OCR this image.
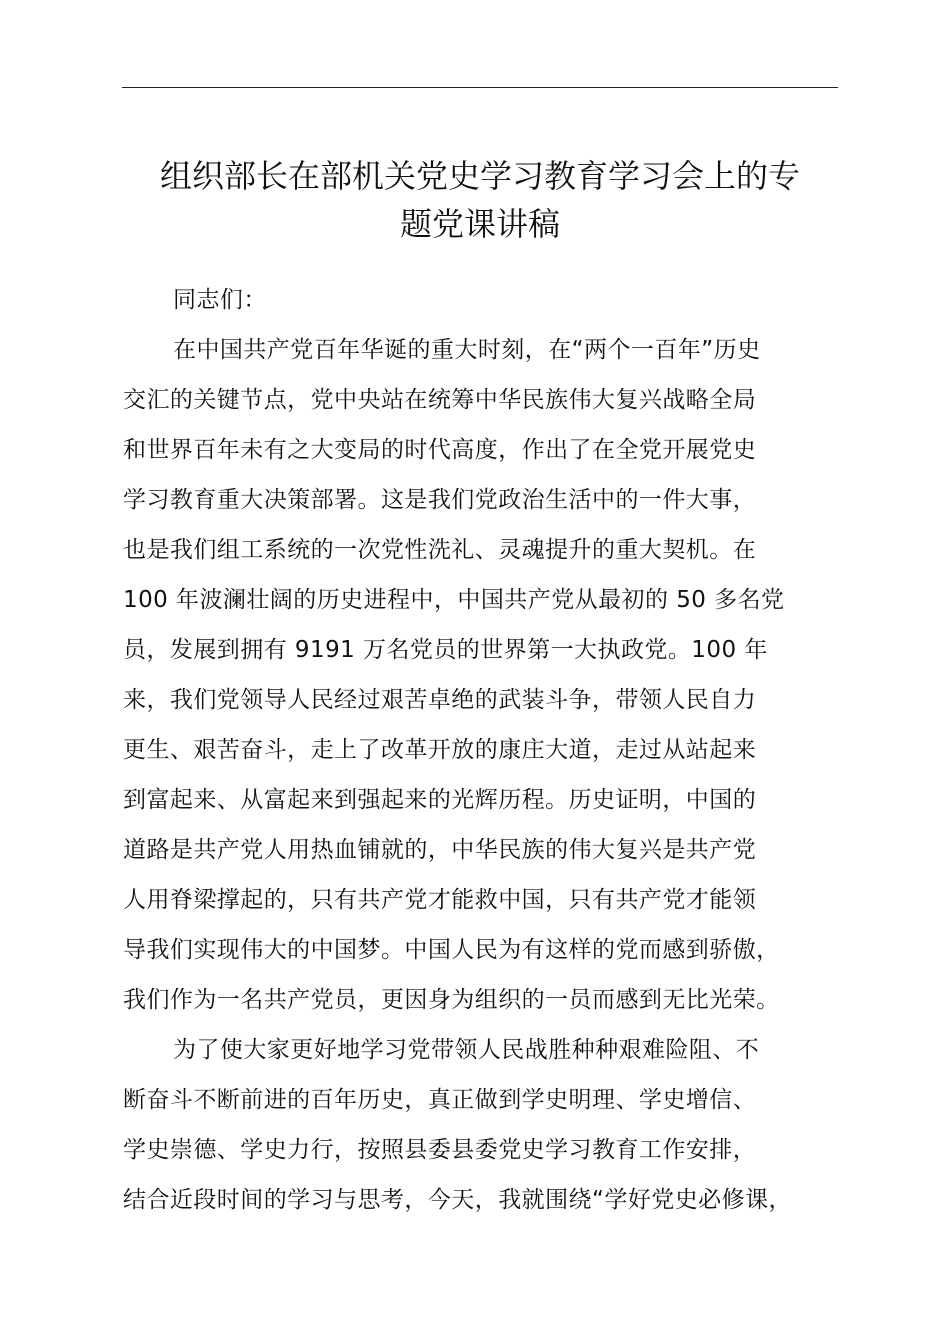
组织部长在部机关党史学习教育学习会上的专
题党课讲稿
同志们：
在中国共产党百年华诞的重大时刻，在“两个一百年”历史
交汇的关键节点，党中央站在统筹中华民族伟大复兴战略全局
和世界百年未有之大变局的时代高度，作出了在全党开展党史
学习教育重大决策部署。这是我们党政治生活中的一件大事，
也是我们组工系统的一次党性洗礼、灵魂提升的重大契机。在
100 年波澜壮阔的历史进程中，中国共产党从最初的 50 多名党
员，发展到拥有 9191 万名党员的世界第一大执政党。100 年
来，我们党领导人民经过艰苦卓绝的武装斗争，带领人民自力
更生、艰苦奋斗，走上了改革开放的康庄大道，走过从站起来
到富起来、从富起来到强起来的光辉历程。历史证明，中国的
道路是共产党人用热血铺就的，中华民族的伟大复兴是共产党
人用脊梁撑起的，只有共产党才能救中国，只有共产党才能领
导我们实现伟大的中国梦。中国人民为有这样的党而感到骄傲，
我们作为一名共产党员，更因身为组织的一员而感到无比光荣。
为了使大家更好地学习党带领人民战胜种种艰难险阻、不
断奋斗不断前进的百年历史，真正做到学史明理、学史增信、
学史崇德、学史力行，按照县委县委党史学习教育工作安排，
结合近段时间的学习与思考，今天，我就围绕“学好党史必修课，
